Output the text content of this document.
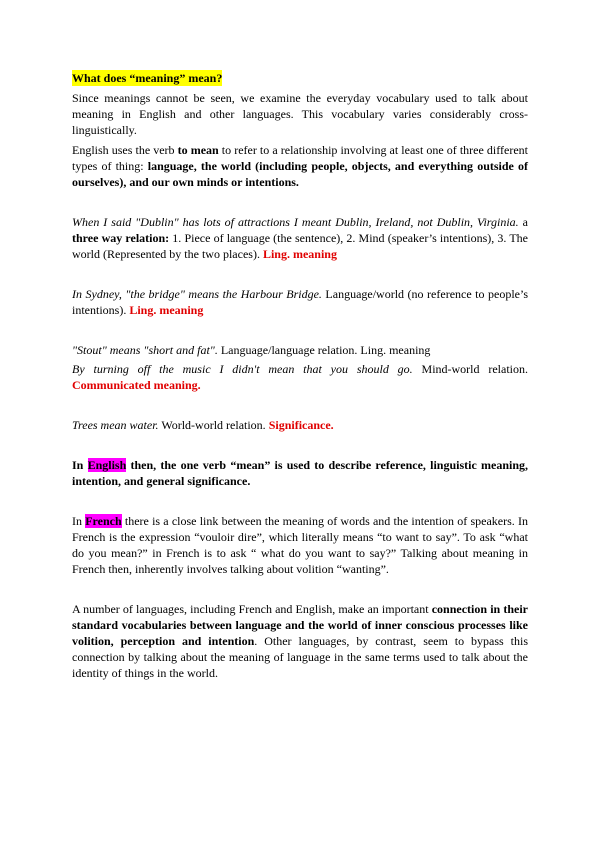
What does “meaning” mean?

Since meanings cannot be seen, we examine the everyday vocabulary used to talk about meaning in English and other languages. This vocabulary varies considerably cross-linguistically.

English uses the verb to mean to refer to a relationship involving at least one of three different types of thing: language, the world (including people, objects, and everything outside of ourselves), and our own minds or intentions.

When I said "Dublin" has lots of attractions I meant Dublin, Ireland, not Dublin, Virginia. a three way relation: 1. Piece of language (the sentence), 2. Mind (speaker’s intentions), 3. The world (Represented by the two places). Ling. meaning

In Sydney, "the bridge" means the Harbour Bridge. Language/world (no reference to people’s intentions). Ling. meaning

"Stout" means "short and fat". Language/language relation. Ling. meaning

By turning off the music I didn't mean that you should go. Mind-world relation. Communicated meaning.

Trees mean water. World-world relation. Significance.

In English then, the one verb “mean” is used to describe reference, linguistic meaning, intention, and general significance.

In French there is a close link between the meaning of words and the intention of speakers. In French is the expression “vouloir dire”, which literally means “to want to say”. To ask “what do you mean?” in French is to ask “ what do you want to say?” Talking about meaning in French then, inherently involves talking about volition “wanting”.

A number of languages, including French and English, make an important connection in their standard vocabularies between language and the world of inner conscious processes like volition, perception and intention. Other languages, by contrast, seem to bypass this connection by talking about the meaning of language in the same terms used to talk about the identity of things in the world.
